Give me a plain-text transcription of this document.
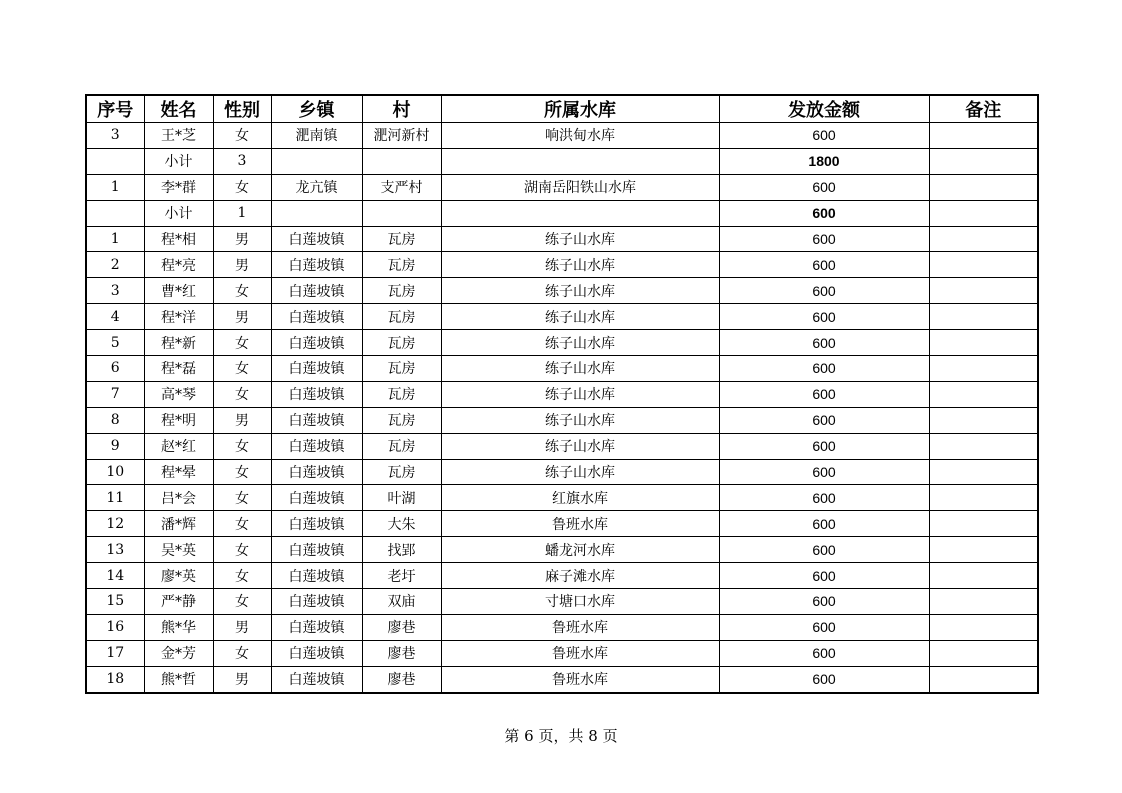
序号	姓名	性别	乡镇	村	所属水库	发放金额	备注
3	王*芝	女	淝南镇	淝河新村	响洪甸水库	600	
	小计	3				1800	
1	李*群	女	龙亢镇	支严村	湖南岳阳铁山水库	600	
	小计	1				600	
1	程*相	男	白莲坡镇	瓦房	练子山水库	600	
2	程*亮	男	白莲坡镇	瓦房	练子山水库	600	
3	曹*红	女	白莲坡镇	瓦房	练子山水库	600	
4	程*洋	男	白莲坡镇	瓦房	练子山水库	600	
5	程*新	女	白莲坡镇	瓦房	练子山水库	600	
6	程*磊	女	白莲坡镇	瓦房	练子山水库	600	
7	高*琴	女	白莲坡镇	瓦房	练子山水库	600	
8	程*明	男	白莲坡镇	瓦房	练子山水库	600	
9	赵*红	女	白莲坡镇	瓦房	练子山水库	600	
10	程*晕	女	白莲坡镇	瓦房	练子山水库	600	
11	吕*会	女	白莲坡镇	叶湖	红旗水库	600	
12	潘*辉	女	白莲坡镇	大朱	鲁班水库	600	
13	吴*英	女	白莲坡镇	找郢	蟠龙河水库	600	
14	廖*英	女	白莲坡镇	老圩	麻子滩水库	600	
15	严*静	女	白莲坡镇	双庙	寸塘口水库	600	
16	熊*华	男	白莲坡镇	廖巷	鲁班水库	600	
17	金*芳	女	白莲坡镇	廖巷	鲁班水库	600	
18	熊*哲	男	白莲坡镇	廖巷	鲁班水库	600	
第 6 页，共 8 页
